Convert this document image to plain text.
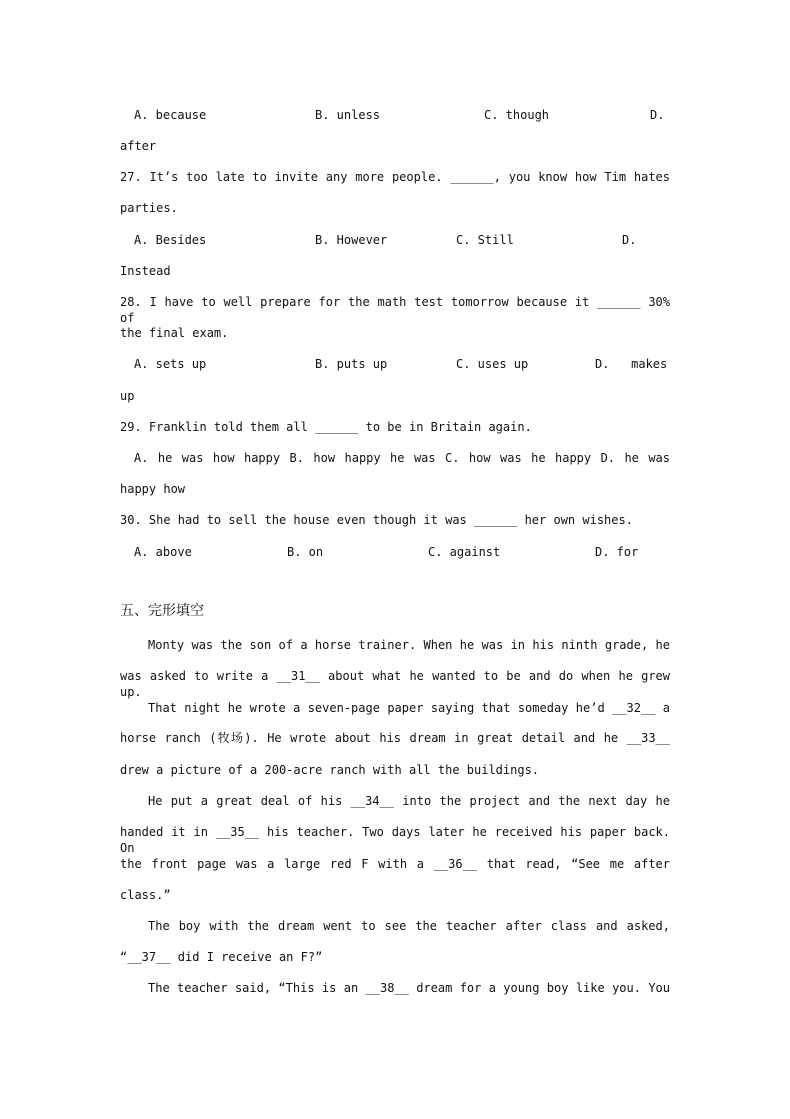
A. because	B. unless	C. though	D.
after
27. It’s too late to invite any more people. ______, you know how Tim hates
parties.
A. Besides	B. However	C. Still	D.
Instead
28. I have to well prepare for the math test tomorrow because it ______ 30% of
the final exam.
A. sets up	B. puts up	C. uses up	D.   makes
up
29. Franklin told them all ______ to be in Britain again.
A. he was how happy B. how happy he was C. how was he happy D. he was
happy how
30. She had to sell the house even though it was ______ her own wishes.
A. above	B. on	C. against	D. for
五、完形填空
Monty was the son of a horse trainer. When he was in his ninth grade, he
was asked to write a __31__ about what he wanted to be and do when he grew up.
That night he wrote a seven-page paper saying that someday he’d __32__ a
horse ranch (牧场). He wrote about his dream in great detail and he __33__
drew a picture of a 200-acre ranch with all the buildings.
He put a great deal of his __34__ into the project and the next day he
handed it in __35__ his teacher. Two days later he received his paper back. On
the front page was a large red F with a __36__ that read, “See me after
class.”
The boy with the dream went to see the teacher after class and asked,
“__37__ did I receive an F?”
The teacher said, “This is an __38__ dream for a young boy like you. You
